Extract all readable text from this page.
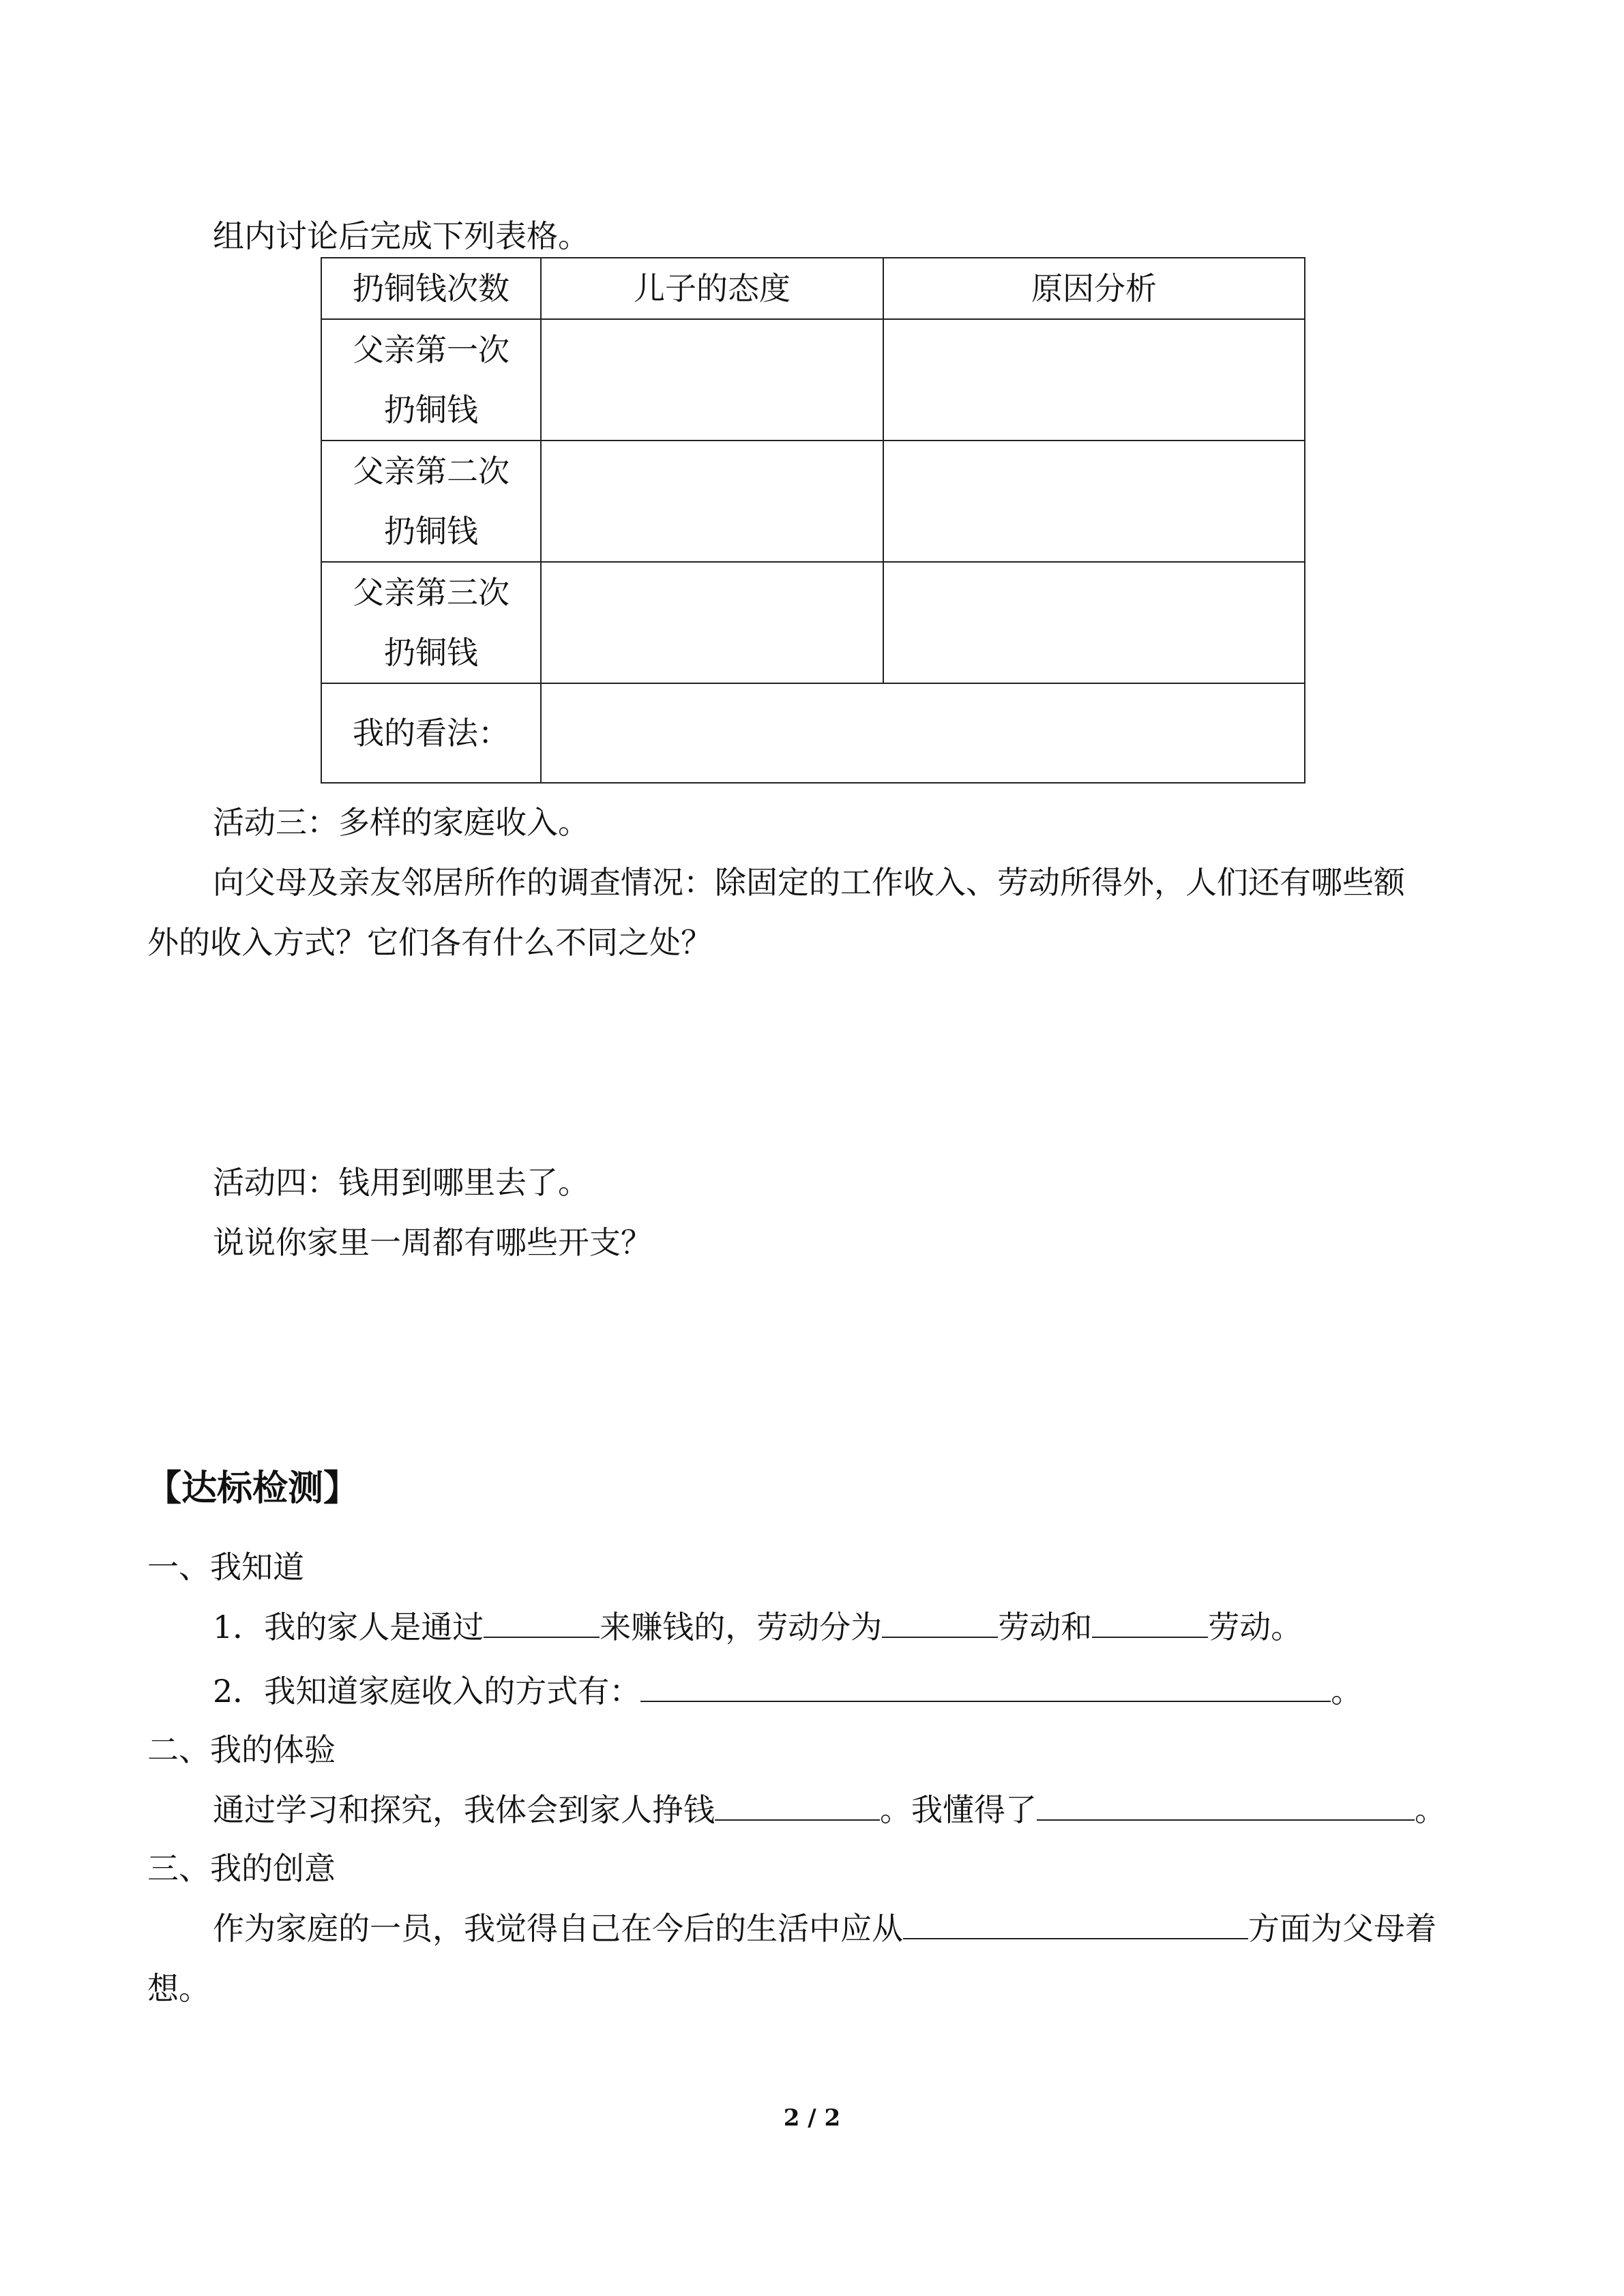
组内讨论后完成下列表格。
扔铜钱次数	儿子的态度	原因分析

父亲第一次
扔铜钱		

父亲第二次
扔铜钱		

父亲第三次
扔铜钱		

我的看法：		
活动三：多样的家庭收入。
向父母及亲友邻居所作的调查情况：除固定的工作收入、劳动所得外，人们还有哪些额
外的收入方式？它们各有什么不同之处？
活动四：钱用到哪里去了。
说说你家里一周都有哪些开支？
【达标检测】
一、我知道
1．我的家人是通过	来赚钱的，劳动分为	劳动和	劳动。
2．我知道家庭收入的方式有：	。
二、我的体验
通过学习和探究，我体会到家人挣钱	。我懂得了	。
三、我的创意
作为家庭的一员，我觉得自己在今后的生活中应从	方面为父母着
想。
2 / 2
